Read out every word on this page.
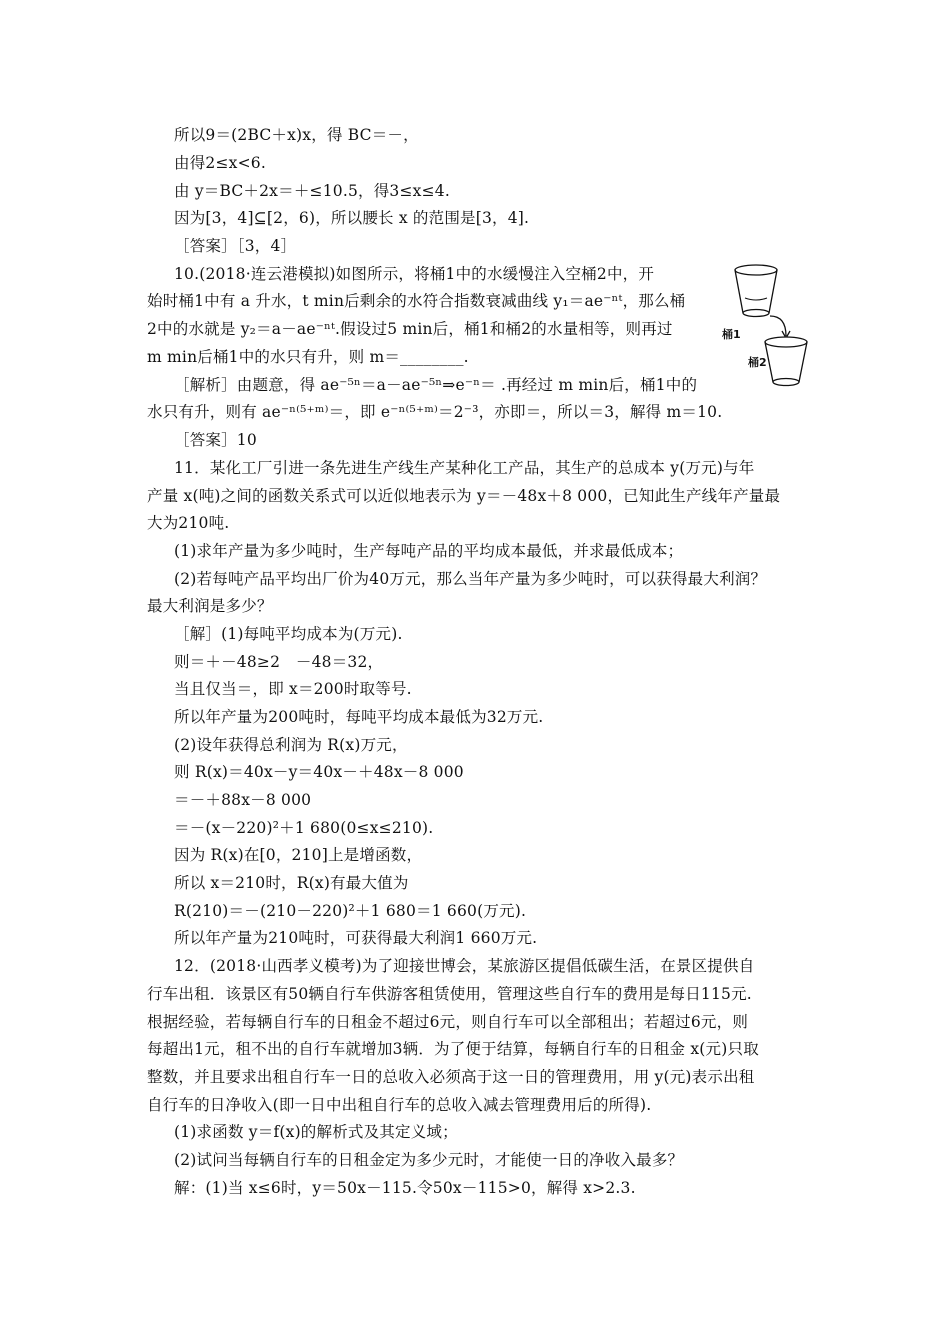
所以9＝(2BC＋x)x，得 BC＝－，
由得2≤x<6.
由 y＝BC＋2x＝＋≤10.5，得3≤x≤4.
因为[3，4]⊆[2，6)，所以腰长 x 的范围是[3，4].
［答案］［3，4］
10.(2018·连云港模拟)如图所示，将桶1中的水缓慢注入空桶2中，开
始时桶1中有 a 升水，t min后剩余的水符合指数衰减曲线 y₁＝ae⁻ⁿᵗ，那么桶
2中的水就是 y₂＝a－ae⁻ⁿᵗ.假设过5 min后，桶1和桶2的水量相等，则再过
m min后桶1中的水只有升，则 m＝________.
［解析］由题意，得 ae⁻⁵ⁿ＝a－ae⁻⁵ⁿ⇒e⁻ⁿ＝ .再经过 m min后，桶1中的
水只有升，则有 ae⁻ⁿ⁽⁵⁺ᵐ⁾＝，即 e⁻ⁿ⁽⁵⁺ᵐ⁾＝2⁻³，亦即＝，所以＝3，解得 m＝10.
［答案］10
11．某化工厂引进一条先进生产线生产某种化工产品，其生产的总成本 y(万元)与年
产量 x(吨)之间的函数关系式可以近似地表示为 y＝－48x＋8 000，已知此生产线年产量最
大为210吨.
(1)求年产量为多少吨时，生产每吨产品的平均成本最低，并求最低成本；
(2)若每吨产品平均出厂价为40万元，那么当年产量为多少吨时，可以获得最大利润？
最大利润是多少？
［解］(1)每吨平均成本为(万元).
则＝＋－48≥2　－48＝32，
当且仅当＝，即 x＝200时取等号.
所以年产量为200吨时，每吨平均成本最低为32万元.
(2)设年获得总利润为 R(x)万元，
则 R(x)＝40x－y＝40x－＋48x－8 000
＝－＋88x－8 000
＝－(x－220)²＋1 680(0≤x≤210).
因为 R(x)在[0，210]上是增函数，
所以 x＝210时，R(x)有最大值为
R(210)＝－(210－220)²＋1 680＝1 660(万元).
所以年产量为210吨时，可获得最大利润1 660万元.
12．(2018·山西孝义模考)为了迎接世博会，某旅游区提倡低碳生活，在景区提供自
行车出租．该景区有50辆自行车供游客租赁使用，管理这些自行车的费用是每日115元.
根据经验，若每辆自行车的日租金不超过6元，则自行车可以全部租出；若超过6元，则
每超出1元，租不出的自行车就增加3辆．为了便于结算，每辆自行车的日租金 x(元)只取
整数，并且要求出租自行车一日的总收入必须高于这一日的管理费用，用 y(元)表示出租
自行车的日净收入(即一日中出租自行车的总收入减去管理费用后的所得).
(1)求函数 y＝f(x)的解析式及其定义域；
(2)试问当每辆自行车的日租金定为多少元时，才能使一日的净收入最多？
解：(1)当 x≤6时，y＝50x－115.令50x－115>0，解得 x>2.3.
桶1
桶2
